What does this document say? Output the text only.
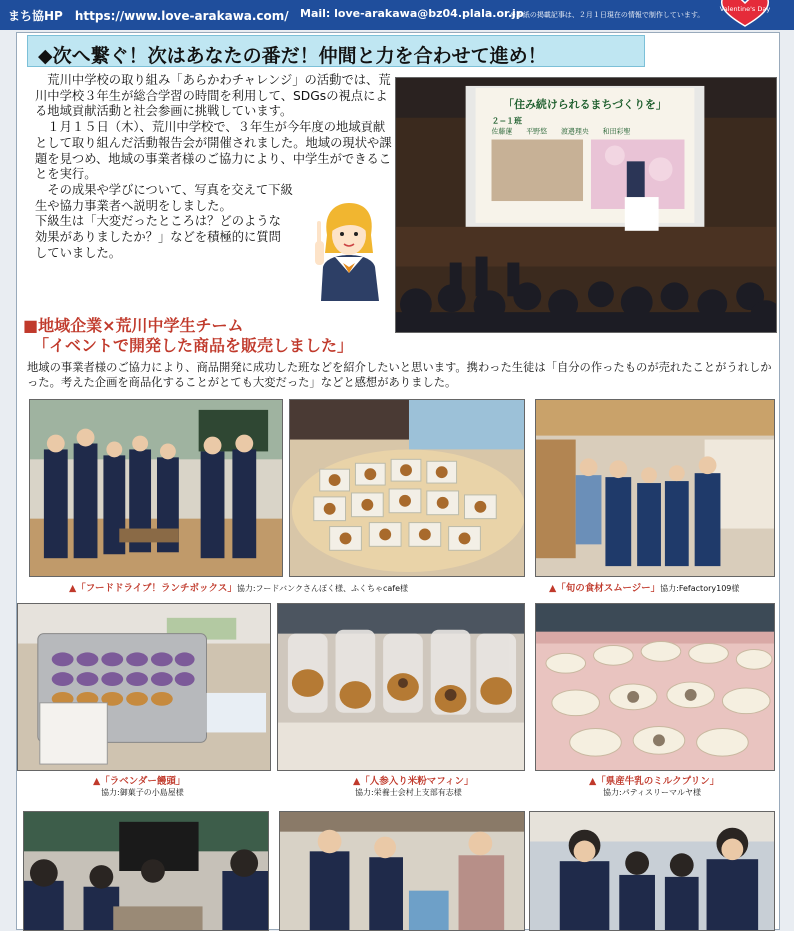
まち協HP　https://www.love-arakawa.com/ Mail: love-arakawa@bz04.plala.or.jp
※本紙の掲載記事は、２月１日現在の情報で制作しています。
Valentine's Day
◆次へ繋ぐ！次はあなたの番だ！仲間と力を合わせて進め！

　荒川中学校の取り組み「あらかわチャレンジ」の活動では、荒川中学校３年生が総合学習の時間を利用して、SDGsの視点による地域貢献活動と社会参画に挑戦しています。

　１月１５日（木）、荒川中学校で、３年生が今年度の地域貢献として取り組んだ活動報告会が開催されました。地域の現状や課題を見つめ、地域の事業者様のご協力により、中学生ができることを実行。

　その成果や学びについて、写真を交えて下級生や協力事業者へ説明をしました。

下級生は「大変だったところは？どのような効果がありましたか？」などを積極的に質問していました。

「住み続けられるまちづくりを」
２−１班
佐藤蓮　　平野悠　　渡邉理央　　和田彩聖
■地域企業×荒川中学生チーム
「イベントで開発した商品を販売しました」

地域の事業者様のご協力により、商品開発に成功した班などを紹介したいと思います。携わった生徒は「自分の作ったものが売れたことがうれしかった。考えた企画を商品化することがとても大変だった」などと感想がありました。

▲「フードドライブ！ランチボックス」協力:フードバンクさんぽく様、ふくちゃcafe様	▲「旬の食材スムージー」協力:Fefactory109様
▲「ラベンダー饅頭」
協力:御菓子の小島屋様
▲「人参入り米粉マフィン」
協力:栄養士会村上支部有志様
▲「県産牛乳のミルクプリン」
協力:パティスリーマルヤ様
